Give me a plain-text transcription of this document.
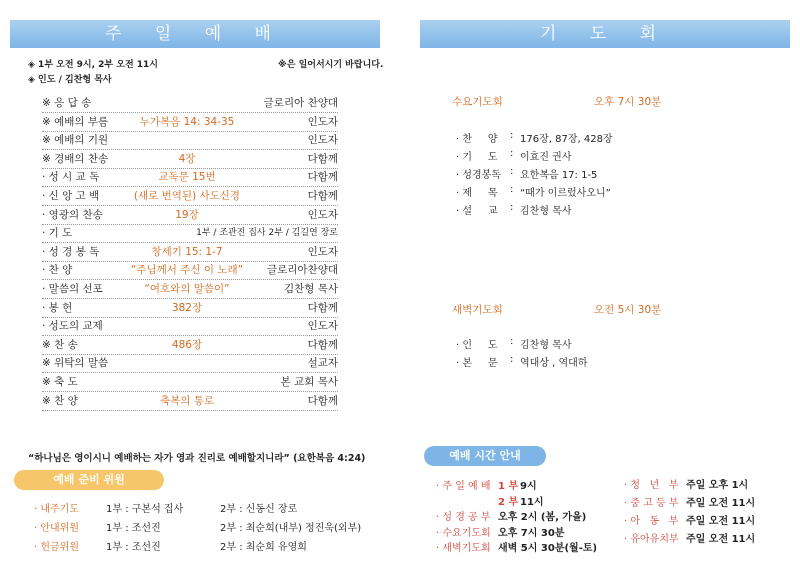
주 일 예 배
◈ 1부 오전 9시, 2부 오전 11시	※은 일어서시기 바랍니다.
◈ 인도 / 김찬형 목사
※ 응 답 송	글로리아 찬양대
※ 예배의 부름	누가복음 14: 34-35	인도자
※ 예배의 기원	인도자
※ 경배의 찬송	4장	다함께
· 성 시 교 독	교독문 15번	다함께
· 신 앙 고 백	(새로 번역된) 사도신경	다함께
· 영광의 찬송	19장	인도자
· 기 도	1부 / 조관진 집사 2부 / 김길연 장로
· 성 경 봉 독	창세기 15: 1-7	인도자
· 찬 양	“주님께서 주신 이 노래”	글로리아찬양대
· 말씀의 선포	“여호와의 말씀이”	김찬형 목사
· 봉 헌	382장	다함께
· 성도의 교제	인도자
※ 찬 송	486장	다함께
※ 위탁의 말씀	설교자
※ 축 도	본 교회 목사
※ 찬 양	축복의 통로	다함께
“하나님은 영이시니 예배하는 자가 영과 진리로 예배할지니라” (요한복음 4:24)
예배 준비 위원
· 내주기도	1부 : 구본석 집사	2부 : 신동신 장로
· 안내위원	1부 : 조선진	2부 : 최순희(내부) 정진욱(외부)
· 헌금위원	1부 : 조선진	2부 : 최순희 유영희
기 도 회
수요기도회	오후 7시 30분
· 찬     양 : 176장, 87장, 428장
· 기     도 : 이효진 권사
· 성경봉독 : 요한복음 17: 1-5
· 제     목 : “때가 이르렀사오니”
· 설     교 : 김찬형 목사
새벽기도회	오전 5시 30분
· 인     도 : 김찬형 목사
· 본     문 : 역대상 , 역대하
예배 시간 안내
· 주 일 예 배 1 부 9시
2 부 11시
· 성 경 공 부 오후 2시 (봄, 가을)
· 수요기도회 오후 7시 30분
· 새벽기도회 새벽 5시 30분(월-토)
· 청   년   부 주일 오후 1시
· 중 고 등 부 주일 오전 11시
· 아   동   부 주일 오전 11시
· 유아유치부 주일 오전 11시
